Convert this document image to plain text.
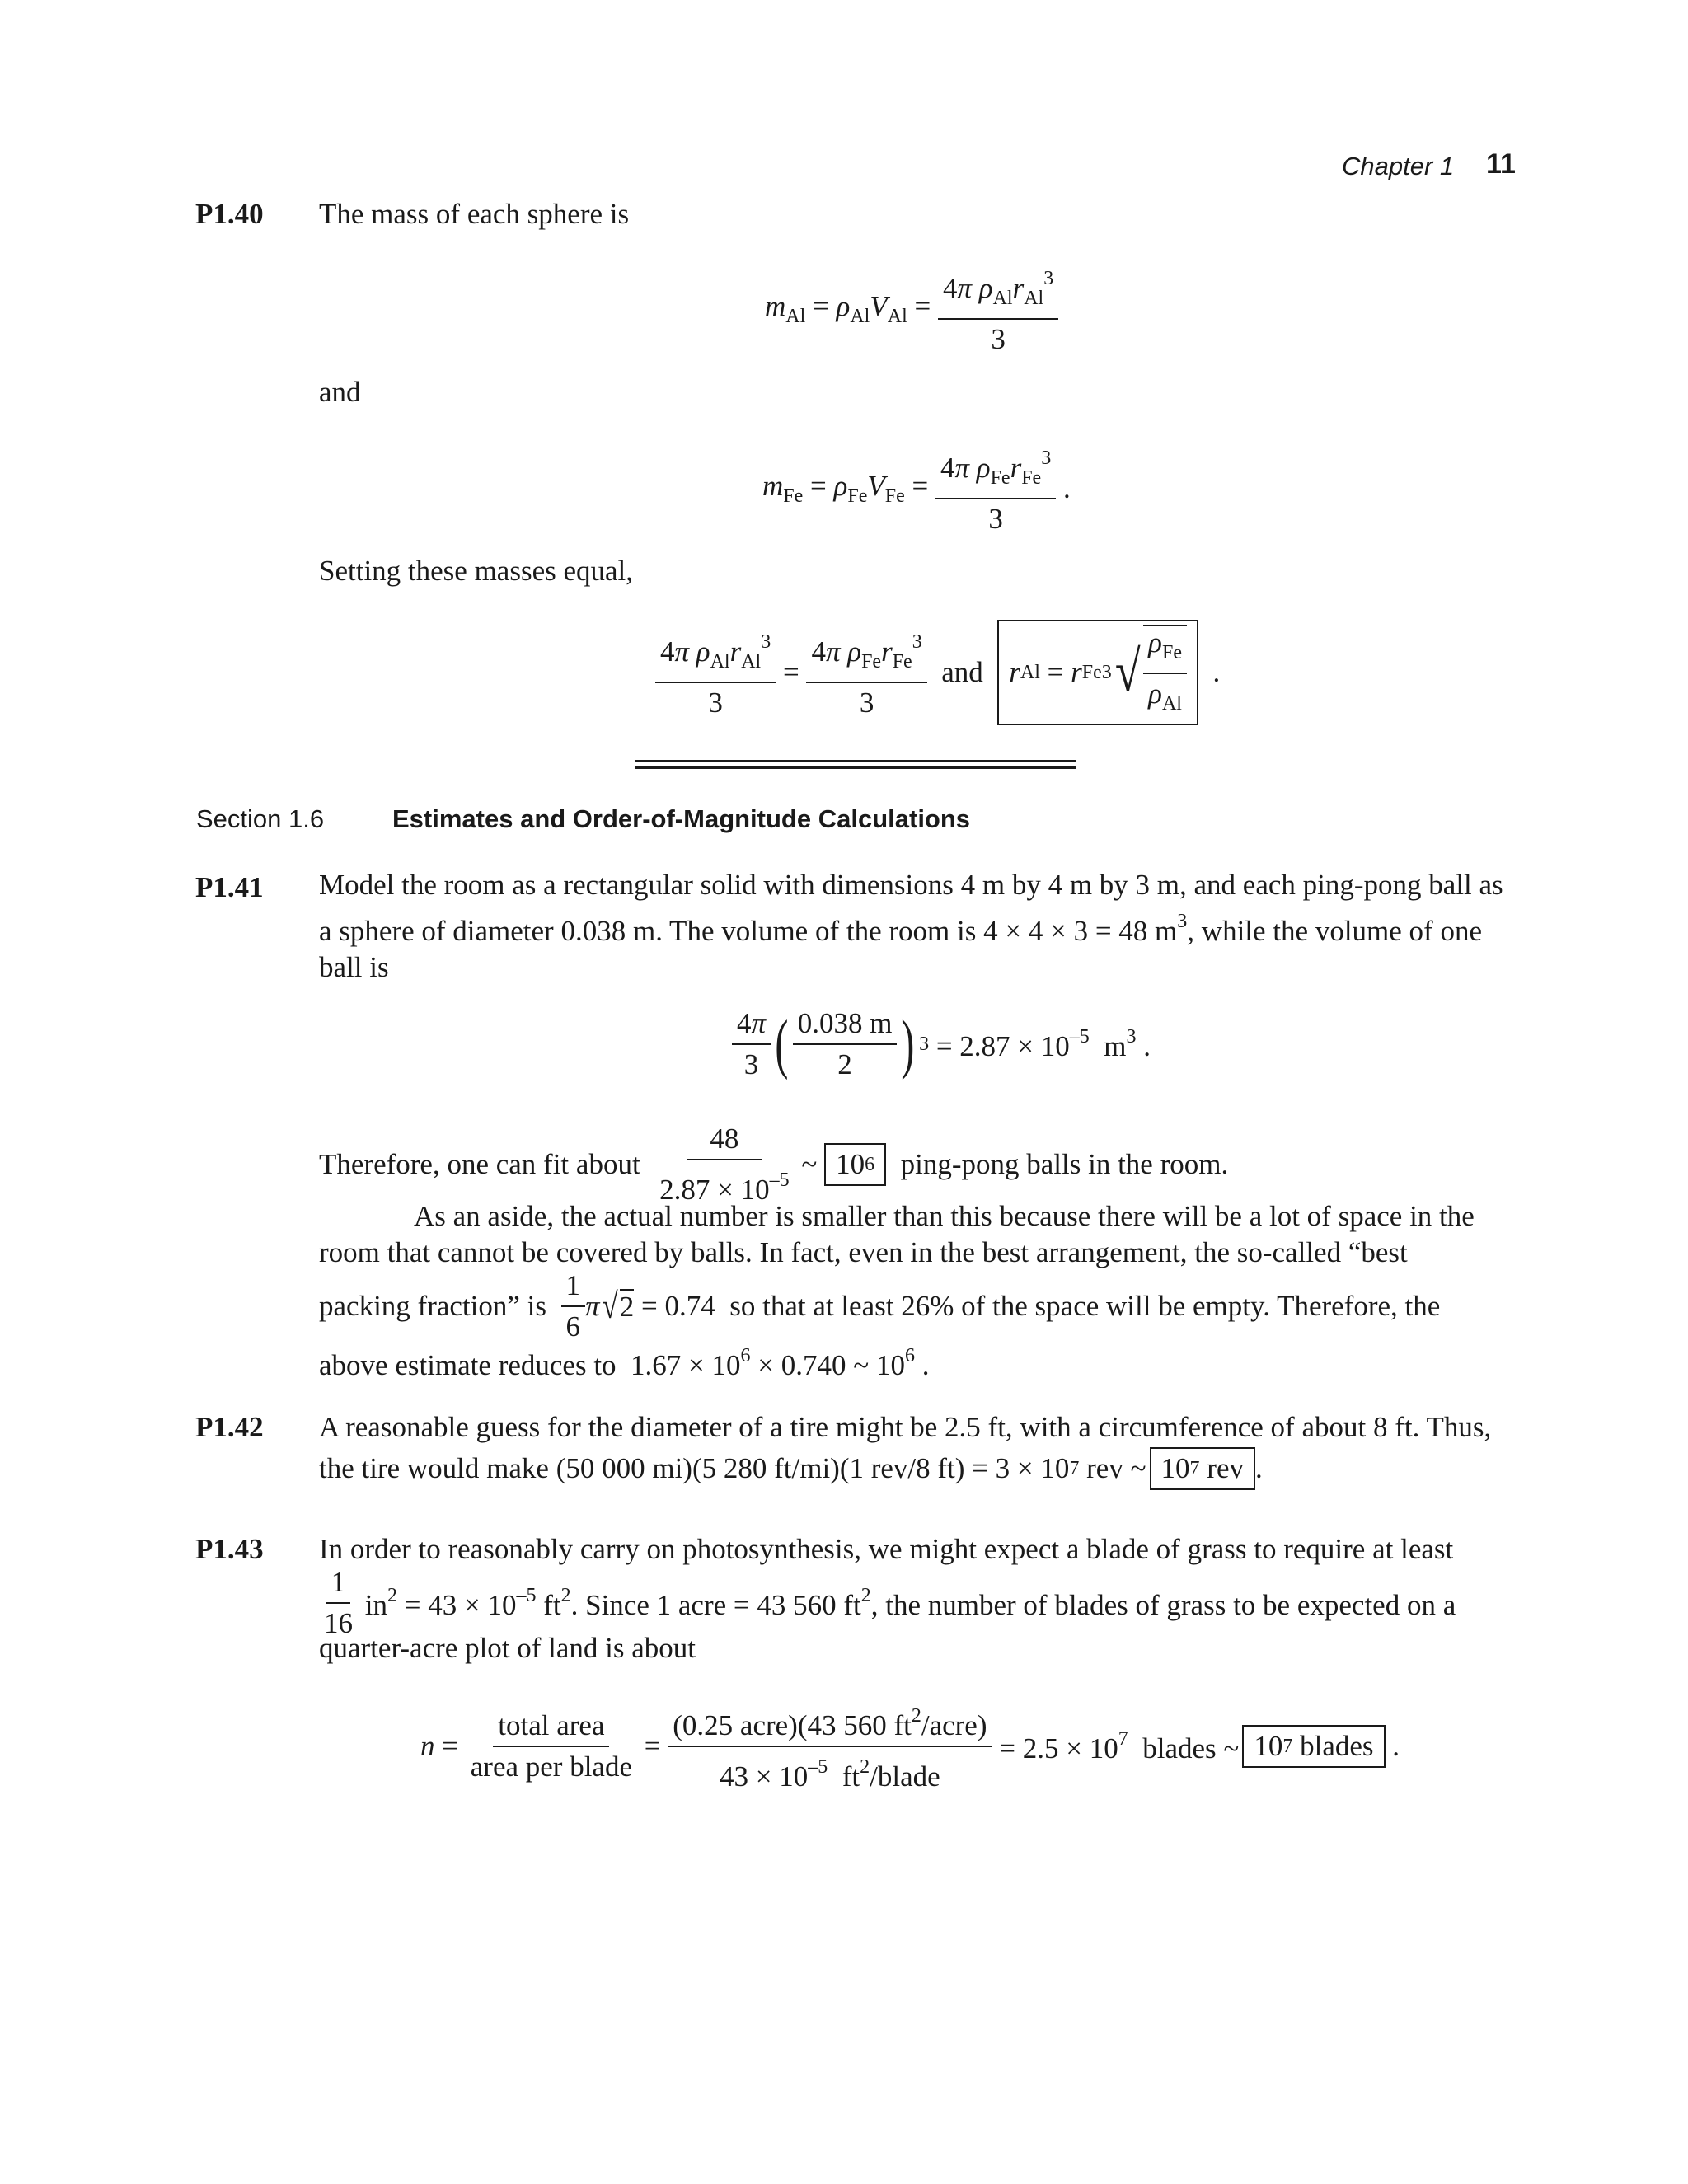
Chapter 1 11
P1.40 The mass of each sphere is
$m_{Al} = \rho_{Al}V_{Al} = \frac{4\pi \rho_{Al}r_{Al}^3}{3}$
and
$m_{Fe} = \rho_{Fe}V_{Fe} = \frac{4\pi \rho_{Fe}r_{Fe}^3}{3}$ .
Setting these masses equal,
$\frac{4\pi \rho_{Al}r_{Al}^3}{3} = \frac{4\pi \rho_{Fe}r_{Fe}^3}{3}$
and
r Al = r Fe 3 √ $\frac{\rho_{Fe}}{\rho_{Al}}$ .
Section 1.6	Estimates and Order-of-Magnitude Calculations
P1.41 Model the room as a rectangular solid with dimensions 4 m by 4 m by 3 m, and each ping-pong ball as a sphere of diameter 0.038 m. The volume of the room is 4 × 4 × 3 = 48 $m^3$, while the volume of one ball is
$\frac{4\pi}{3}$ ( $\frac{0.038 m}{2}$ ) $3 = 2.87 \times 10^{-5}$  $m^3$ .
Therefore, one can fit about
$\frac{48}{2.87 \times 10^{-5}}$ ~ 10 6
ping-pong balls in the room.
As an aside, the actual number is smaller than this because there will be a lot of space in the room that cannot be covered by balls. In fact, even in the best arrangement, the so-called “best
packing fraction” is
$\frac{1}{6}$ π √ 2 = 0.74 so that at least 26% of the space will be empty. Therefore, the
above estimate reduces to $1.67 \times 10^6 \times 0.740$ ~ $10^6$ .
P1.42 A reasonable guess for the diameter of a tire might be 2.5 ft, with a circumference of about 8 ft. Thus,
the tire would make
(50 000 mi)(5 280 ft/mi)(1 rev/8 ft) = 3 × 10 7
rev ~ 10 7
rev .
P1.43 In order to reasonably carry on photosynthesis, we might expect a blade of grass to require at least
$\frac{1}{16} in^2 = 43 \times 10^{-5}$ $ft^2$. Since 1 acre = 43 560 $ft^2$, the number of blades of grass to be expected on a
quarter-acre plot of land is about
$n = \frac{\text{total area}}{\text{area per blade}} = \frac{(0.25 acre)(43 560 ft^2/acre)}{43 \times 10^{-5} ft^2/blade} = 2.5 \times 10^7$ blades ~ 10 7
blades .
